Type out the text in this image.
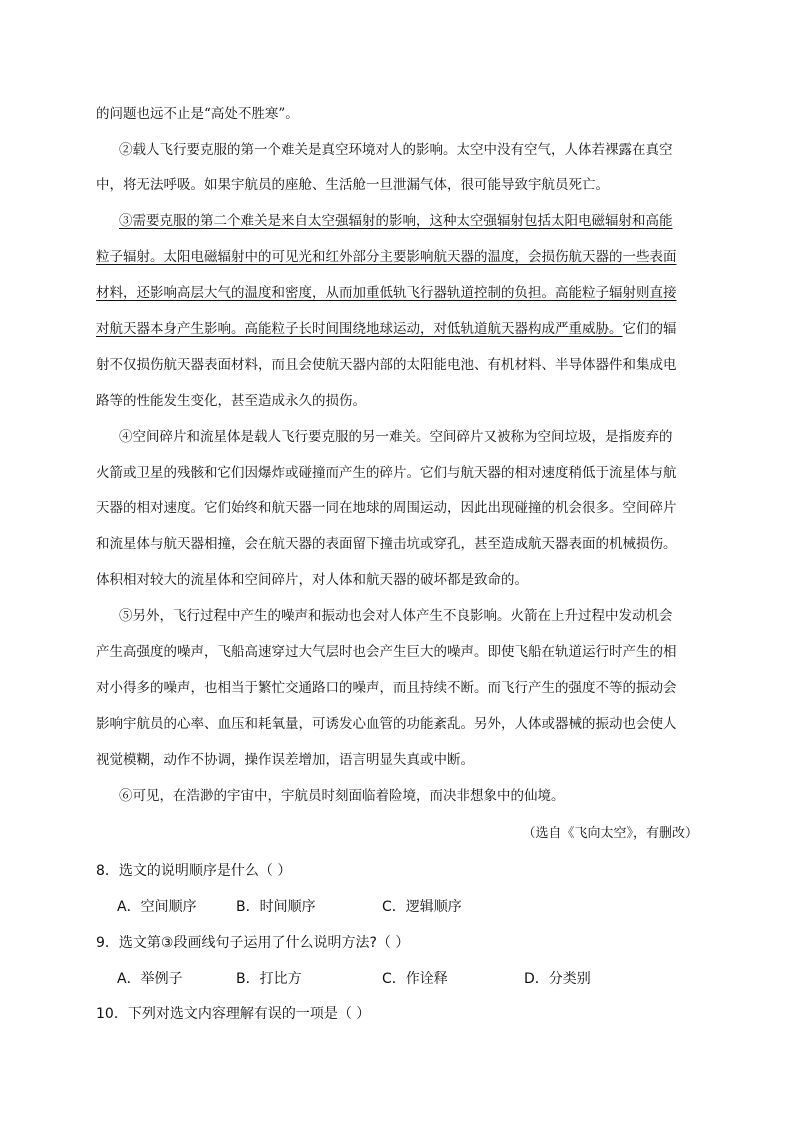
的问题也远不止是“高处不胜寒”。
②载人飞行要克服的第一个难关是真空环境对人的影响。太空中没有空气，人体若裸露在真空
中，将无法呼吸。如果宇航员的座舱、生活舱一旦泄漏气体，很可能导致宇航员死亡。
③需要克服的第二个难关是来自太空强辐射的影响，这种太空强辐射包括太阳电磁辐射和高能
粒子辐射。太阳电磁辐射中的可见光和红外部分主要影响航天器的温度，会损伤航天器的一些表面
材料，还影响高层大气的温度和密度，从而加重低轨飞行器轨道控制的负担。高能粒子辐射则直接
对航天器本身产生影响。高能粒子长时间围绕地球运动，对低轨道航天器构成严重威胁。它们的辐
射不仅损伤航天器表面材料，而且会使航天器内部的太阳能电池、有机材料、半导体器件和集成电
路等的性能发生变化，甚至造成永久的损伤。
④空间碎片和流星体是载人飞行要克服的另一难关。空间碎片又被称为空间垃圾，是指废弃的
火箭或卫星的残骸和它们因爆炸或碰撞而产生的碎片。它们与航天器的相对速度稍低于流星体与航
天器的相对速度。它们始终和航天器一同在地球的周围运动，因此出现碰撞的机会很多。空间碎片
和流星体与航天器相撞，会在航天器的表面留下撞击坑或穿孔，甚至造成航天器表面的机械损伤。
体积相对较大的流星体和空间碎片，对人体和航天器的破坏都是致命的。
⑤另外，飞行过程中产生的噪声和振动也会对人体产生不良影响。火箭在上升过程中发动机会
产生高强度的噪声，飞船高速穿过大气层时也会产生巨大的噪声。即使飞船在轨道运行时产生的相
对小得多的噪声，也相当于繁忙交通路口的噪声，而且持续不断。而飞行产生的强度不等的振动会
影响宇航员的心率、血压和耗氧量，可诱发心血管的功能紊乱。另外，人体或器械的振动也会使人
视觉模糊，动作不协调，操作误差增加，语言明显失真或中断。
⑥可见，在浩渺的宇宙中，宇航员时刻面临着险境，而决非想象中的仙境。
（选自《飞向太空》，有删改）
8．选文的说明顺序是什么（ ）
A．空间顺序	B．时间顺序	C．逻辑顺序
9．选文第③段画线句子运用了什么说明方法?（ ）
A．举例子	B．打比方	C．作诠释	D．分类别
10．下列对选文内容理解有误的一项是（ ）
